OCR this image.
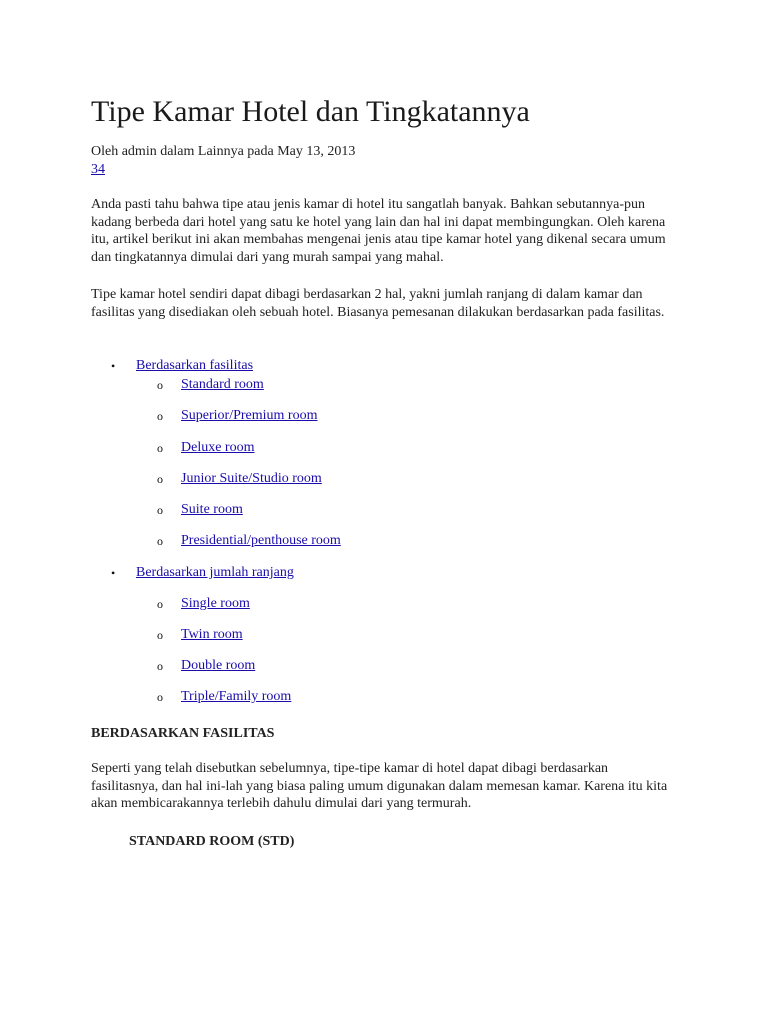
Tipe Kamar Hotel dan Tingkatannya
Oleh admin dalam Lainnya pada May 13, 2013
34

Anda pasti tahu bahwa tipe atau jenis kamar di hotel itu sangatlah banyak. Bahkan sebutannya-pun kadang berbeda dari hotel yang satu ke hotel yang lain dan hal ini dapat membingungkan. Oleh karena itu, artikel berikut ini akan membahas mengenai jenis atau tipe kamar hotel yang dikenal secara umum dan tingkatannya dimulai dari yang murah sampai yang mahal.

Tipe kamar hotel sendiri dapat dibagi berdasarkan 2 hal, yakni jumlah ranjang di dalam kamar dan fasilitas yang disediakan oleh sebuah hotel. Biasanya pemesanan dilakukan berdasarkan pada fasilitas.

• Berdasarkan fasilitas
o Standard room
o Superior/Premium room
o Deluxe room
o Junior Suite/Studio room
o Suite room
o Presidential/penthouse room
• Berdasarkan jumlah ranjang
o Single room
o Twin room
o Double room
o Triple/Family room
BERDASARKAN FASILITAS

Seperti yang telah disebutkan sebelumnya, tipe-tipe kamar di hotel dapat dibagi berdasarkan fasilitasnya, dan hal ini-lah yang biasa paling umum digunakan dalam memesan kamar. Karena itu kita akan membicarakannya terlebih dahulu dimulai dari yang termurah.

STANDARD ROOM (STD)
